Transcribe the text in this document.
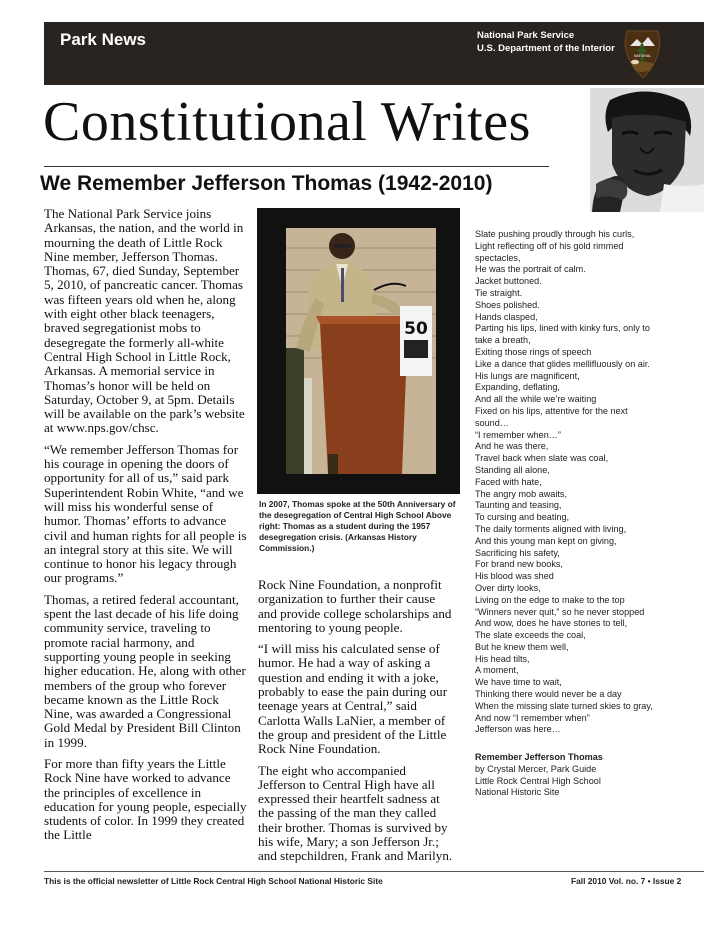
Park News	National Park Service
U.S. Department of the Interior
NATIONAL
Constitutional Writes
We Remember Jefferson Thomas (1942-2010)

The National Park Service joins Arkansas, the nation, and the world in mourning the death of Little Rock Nine member, Jefferson Thomas. Thomas, 67, died Sunday, September 5, 2010, of pancreatic cancer. Thomas was fifteen years old when he, along with eight other black teenagers, braved segregationist mobs to desegregate the formerly all-white Central High School in Little Rock, Arkansas. A memorial service in Thomas’s honor will be held on Saturday, October 9, at 5pm. Details will be available on the park’s website at www.nps.gov/chsc.

“We remember Jefferson Thomas for his courage in opening the doors of opportunity for all of us,” said park Superintendent Robin White, “and we will miss his wonderful sense of humor. Thomas’ efforts to advance civil and human rights for all people is an integral story at this site. We will continue to honor his legacy through our programs.”

Thomas, a retired federal accountant, spent the last decade of his life doing community service, traveling to promote racial harmony, and supporting young people in seeking higher education. He, along with other members of the group who forever became known as the Little Rock Nine, was awarded a Congressional Gold Medal by President Bill Clinton in 1999.

For more than fifty years the Little Rock Nine have worked to advance the principles of excellence in education for young people, especially students of color. In 1999 they created the Little

50
In 2007, Thomas spoke at the 50th Anniversary of the desegregation of Central High School Above right: Thomas as a student during the 1957 desegregation crisis. (Arkansas History Commission.)

Rock Nine Foundation, a nonprofit organization to further their cause and provide college scholarships and mentoring to young people.

“I will miss his calculated sense of humor. He had a way of asking a question and ending it with a joke, probably to ease the pain during our teenage years at Central,” said Carlotta Walls LaNier, a member of the group and president of the Little Rock Nine Foundation.

The eight who accompanied Jefferson to Central High have all expressed their heartfelt sadness at the passing of the man they called their brother. Thomas is survived by his wife, Mary; a son Jefferson Jr.; and stepchildren, Frank and Marilyn.

Slate pushing proudly through his curls,
Light reflecting off of his gold rimmed
spectacles,
He was the portrait of calm.
Jacket buttoned.
Tie straight.
Shoes polished.
Hands clasped,
Parting his lips, lined with kinky furs, only to
take a breath,
Exiting those rings of speech
Like a dance that glides mellifluously on air.
His lungs are magnificent,
Expanding, deflating,
And all the while we’re waiting
Fixed on his lips, attentive for the next
sound…
“I remember when…”
And he was there,
Travel back when slate was coal,
Standing all alone,
Faced with hate,
The angry mob awaits,
Taunting and teasing,
To cursing and beating,
The daily torments aligned with living,
And this young man kept on giving,
Sacrificing his safety,
For brand new books,
His blood was shed
Over dirty looks,
Living on the edge to make to the top
“Winners never quit,” so he never stopped
And wow, does he have stories to tell,
The slate exceeds the coal,
But he knew them well,
His head tilts,
A moment,
We have time to wait,
Thinking there would never be a day
When the missing slate turned skies to gray,
And now “I remember when”
Jefferson was here…
Remember Jefferson Thomas
by Crystal Mercer, Park Guide
Little Rock Central High School
National Historic Site
This is the official newsletter of Little Rock Central High School National Historic Site	Fall 2010 Vol. no. 7 • Issue 2
